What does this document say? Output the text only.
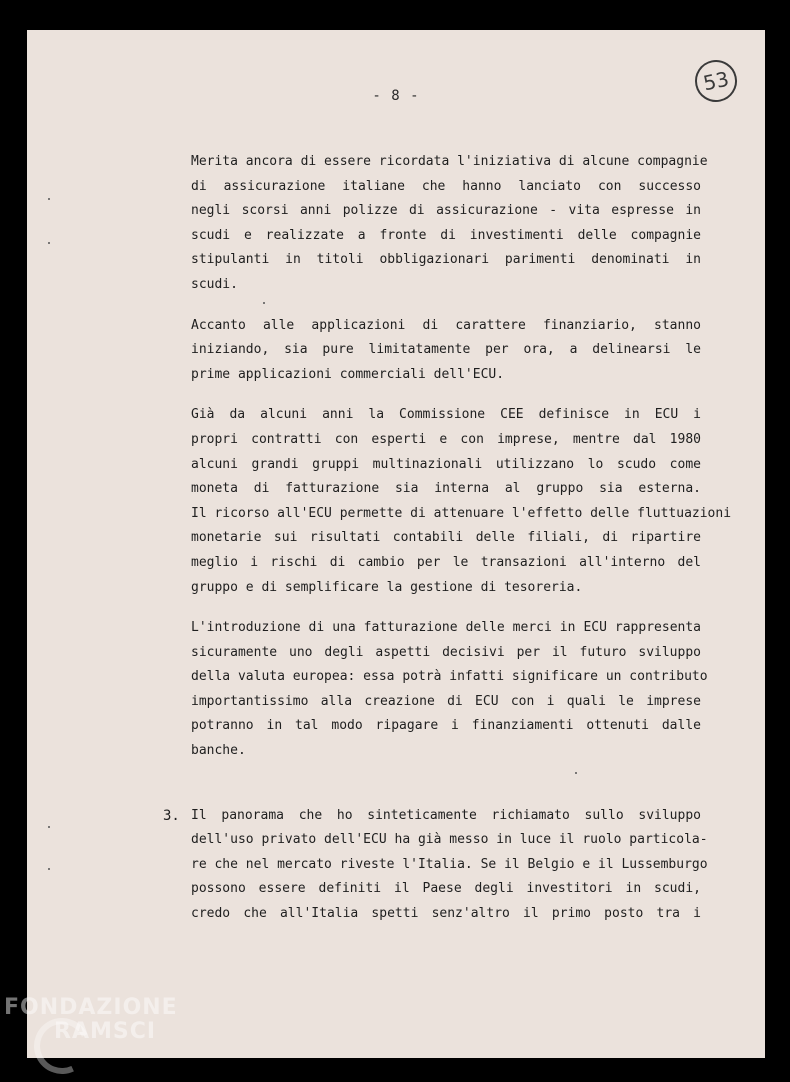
- 8 -
53
Merita ancora di essere ricordata l'iniziativa di alcune compagnie
di assicurazione italiane che hanno lanciato con successo
negli scorsi anni polizze di assicurazione - vita espresse in
scudi e realizzate a fronte di investimenti delle compagnie
stipulanti in titoli obbligazionari parimenti denominati in
scudi.
Accanto alle applicazioni di carattere finanziario, stanno
iniziando, sia pure limitatamente per ora, a delinearsi le
prime applicazioni commerciali dell'ECU.
Già da alcuni anni la Commissione CEE definisce in ECU i
propri contratti con esperti e con imprese, mentre dal 1980
alcuni grandi gruppi multinazionali utilizzano lo scudo come
moneta di fatturazione sia interna al gruppo sia esterna.
Il ricorso all'ECU permette di attenuare l'effetto delle fluttuazioni
monetarie sui risultati contabili delle filiali, di ripartire
meglio i rischi di cambio per le transazioni all'interno del
gruppo e di semplificare la gestione di tesoreria.
L'introduzione di una fatturazione delle merci in ECU rappresenta
sicuramente uno degli aspetti decisivi per il futuro sviluppo
della valuta europea: essa potrà infatti significare un contributo
importantissimo alla creazione di ECU con i quali le imprese
potranno in tal modo ripagare i finanziamenti ottenuti dalle
banche.
3. Il panorama che ho sinteticamente richiamato sullo sviluppo
dell'uso privato dell'ECU ha già messo in luce il ruolo particola-
re che nel mercato riveste l'Italia. Se il Belgio e il Lussemburgo
possono essere definiti il Paese degli investitori in scudi,
credo che all'Italia spetti senz'altro il primo posto tra i
FONDAZIONE
RAMSCI
